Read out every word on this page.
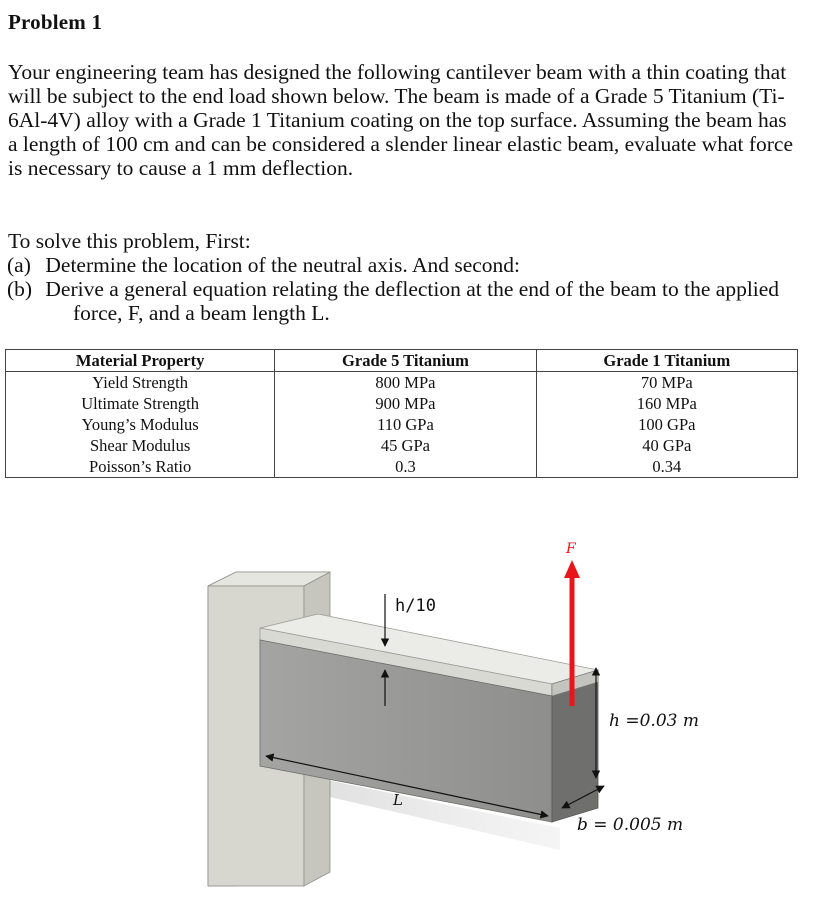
Problem 1
Your engineering team has designed the following cantilever beam with a thin coating that will be subject to the end load shown below. The beam is made of a Grade 5 Titanium (Ti-6Al-4V) alloy with a Grade 1 Titanium coating on the top surface. Assuming the beam has a length of 100 cm and can be considered a slender linear elastic beam, evaluate what force is necessary to cause a 1 mm deflection.
To solve this problem, First:
(a) Determine the location of the neutral axis. And second:
(b) Derive a general equation relating the deflection at the end of the beam to the applied force, F, and a beam length L.
Material Property	Grade 5 Titanium	Grade 1 Titanium
Yield Strength	800 MPa	70 MPa
Ultimate Strength	900 MPa	160 MPa
Young’s Modulus	110 GPa	100 GPa
Shear Modulus	45 GPa	40 GPa
Poisson’s Ratio	0.3	0.34
F
h/10
h =0.03 m
L
b = 0.005 m
